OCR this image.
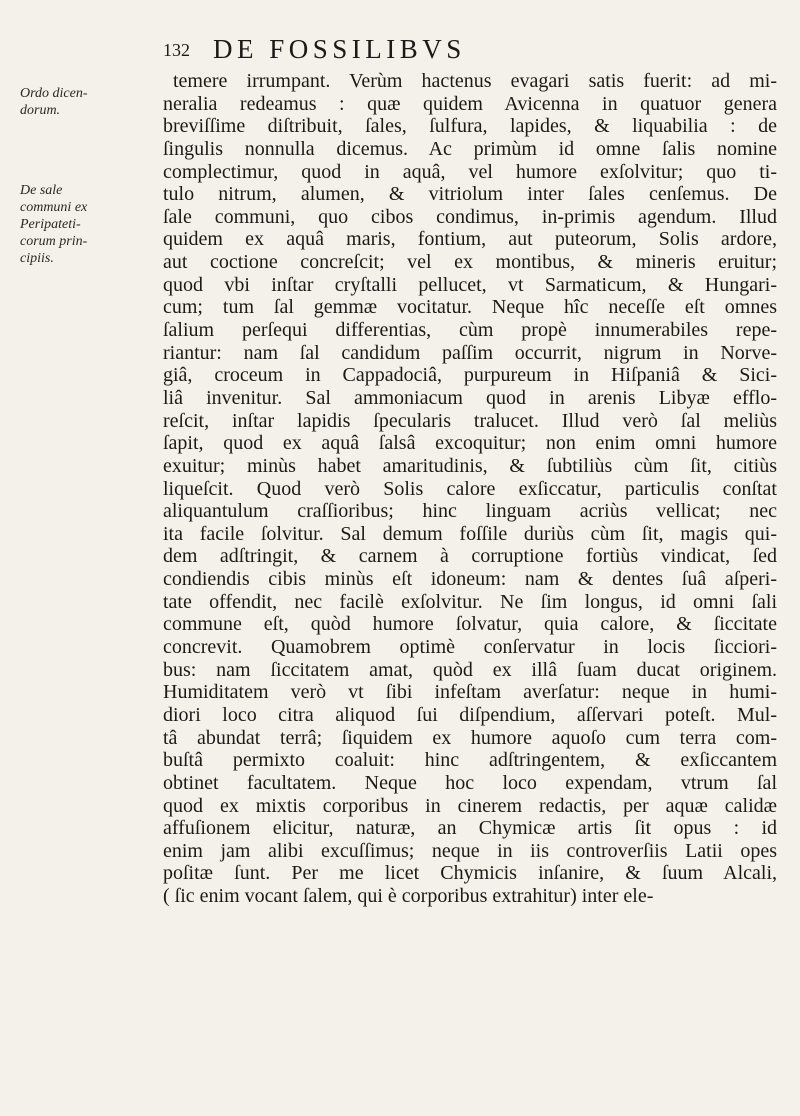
132 DE FOSSILIBVS
Ordo dicen-
dorum.
De sale
communi ex
Peripateti-
corum prin-
cipiis.
temere irrumpant. Verùm hactenus evagari satis fuerit: ad mi-
neralia redeamus : quæ quidem Avicenna in quatuor genera
breviſſime diſtribuit, ſales, ſulfura, lapides, & liquabilia : de
ſingulis nonnulla dicemus. Ac primùm id omne ſalis nomine
complectimur, quod in aquâ, vel humore exſolvitur; quo ti-
tulo nitrum, alumen, & vitriolum inter ſales cenſemus. De
ſale communi, quo cibos condimus, in-primis agendum. Illud
quidem ex aquâ maris, fontium, aut puteorum, Solis ardore,
aut coctione concreſcit; vel ex montibus, & mineris eruitur;
quod vbi inſtar cryſtalli pellucet, vt Sarmaticum, & Hungari-
cum; tum ſal gemmæ vocitatur. Neque hîc neceſſe eſt omnes
ſalium perſequi differentias, cùm propè innumerabiles repe-
riantur: nam ſal candidum paſſim occurrit, nigrum in Norve-
giâ, croceum in Cappadociâ, purpureum in Hiſpaniâ & Sici-
liâ invenitur. Sal ammoniacum quod in arenis Libyæ efflo-
reſcit, inſtar lapidis ſpecularis tralucet. Illud verò ſal meliùs
ſapit, quod ex aquâ ſalsâ excoquitur; non enim omni humore
exuitur; minùs habet amaritudinis, & ſubtiliùs cùm ſit, citiùs
liqueſcit. Quod verò Solis calore exſiccatur, particulis conſtat
aliquantulum craſſioribus; hinc linguam acriùs vellicat; nec
ita facile ſolvitur. Sal demum foſſile duriùs cùm ſit, magis qui-
dem adſtringit, & carnem à corruptione fortiùs vindicat, ſed
condiendis cibis minùs eſt idoneum: nam & dentes ſuâ aſperi-
tate offendit, nec facilè exſolvitur. Ne ſim longus, id omni ſali
commune eſt, quòd humore ſolvatur, quia calore, & ſiccitate
concrevit. Quamobrem optimè conſervatur in locis ſicciori-
bus: nam ſiccitatem amat, quòd ex illâ ſuam ducat originem.
Humiditatem verò vt ſibi infeſtam averſatur: neque in humi-
diori loco citra aliquod ſui diſpendium, aſſervari poteſt. Mul-
tâ abundat terrâ; ſiquidem ex humore aquoſo cum terra com-
buſtâ permixto coaluit: hinc adſtringentem, & exſiccantem
obtinet facultatem. Neque hoc loco expendam, vtrum ſal
quod ex mixtis corporibus in cinerem redactis, per aquæ calidæ
affuſionem elicitur, naturæ, an Chymicæ artis ſit opus : id
enim jam alibi excuſſimus; neque in iis controverſiis Latii opes
poſitæ ſunt. Per me licet Chymicis inſanire, & ſuum Alcali,
( ſic enim vocant ſalem, qui è corporibus extrahitur) inter ele-
